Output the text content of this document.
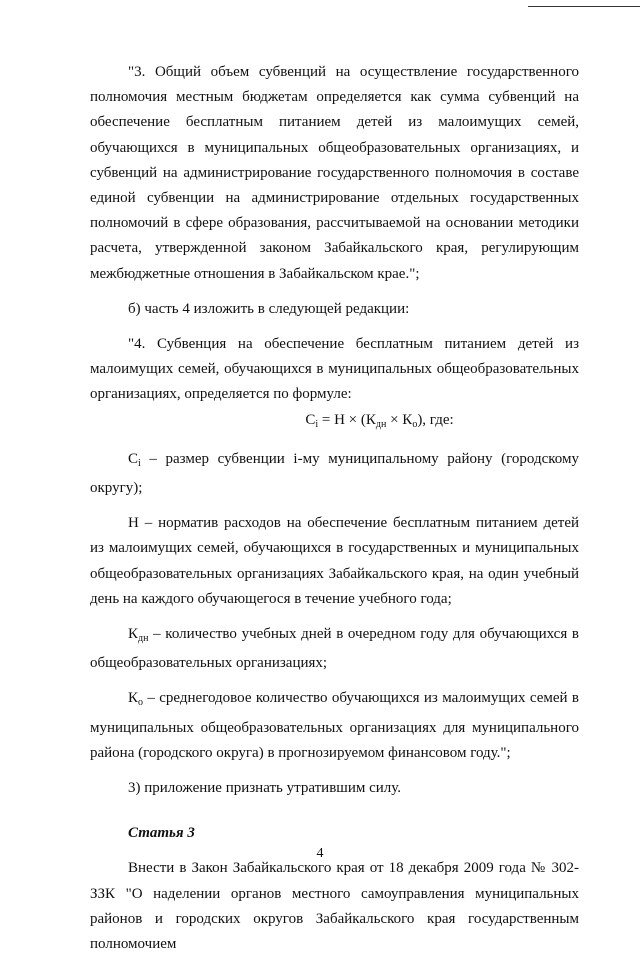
"3. Общий объем субвенций на осуществление государственного полномочия местным бюджетам определяется как сумма субвенций на обеспечение бесплатным питанием детей из малоимущих семей, обучающихся в муниципальных общеобразовательных организациях, и субвенций на администрирование государственного полномочия в составе единой субвенции на администрирование отдельных государственных полномочий в сфере образования, рассчитываемой на основании методики расчета, утвержденной законом Забайкальского края, регулирующим межбюджетные отношения в Забайкальском крае.";

б) часть 4 изложить в следующей редакции:

"4. Субвенция на обеспечение бесплатным питанием детей из малоимущих семей, обучающихся в муниципальных общеобразовательных организациях, определяется по формуле:

$C_i = Н \times (К_{дн} \times К_о)$, где:

$C_i$ – размер субвенции i-му муниципальному району (городскому округу);

Н – норматив расходов на обеспечение бесплатным питанием детей из малоимущих семей, обучающихся в государственных и муниципальных общеобразовательных организациях Забайкальского края, на один учебный день на каждого обучающегося в течение учебного года;

$К_{дн}$ – количество учебных дней в очередном году для обучающихся в общеобразовательных организациях;

$К_о$ – среднегодовое количество обучающихся из малоимущих семей в муниципальных общеобразовательных организациях для муниципального района (городского округа) в прогнозируемом финансовом году.";

3) приложение признать утратившим силу.

Статья 3

Внести в Закон Забайкальского края от 18 декабря 2009 года № 302-ЗЗК "О наделении органов местного самоуправления муниципальных районов и городских округов Забайкальского края государственным полномочием

4
